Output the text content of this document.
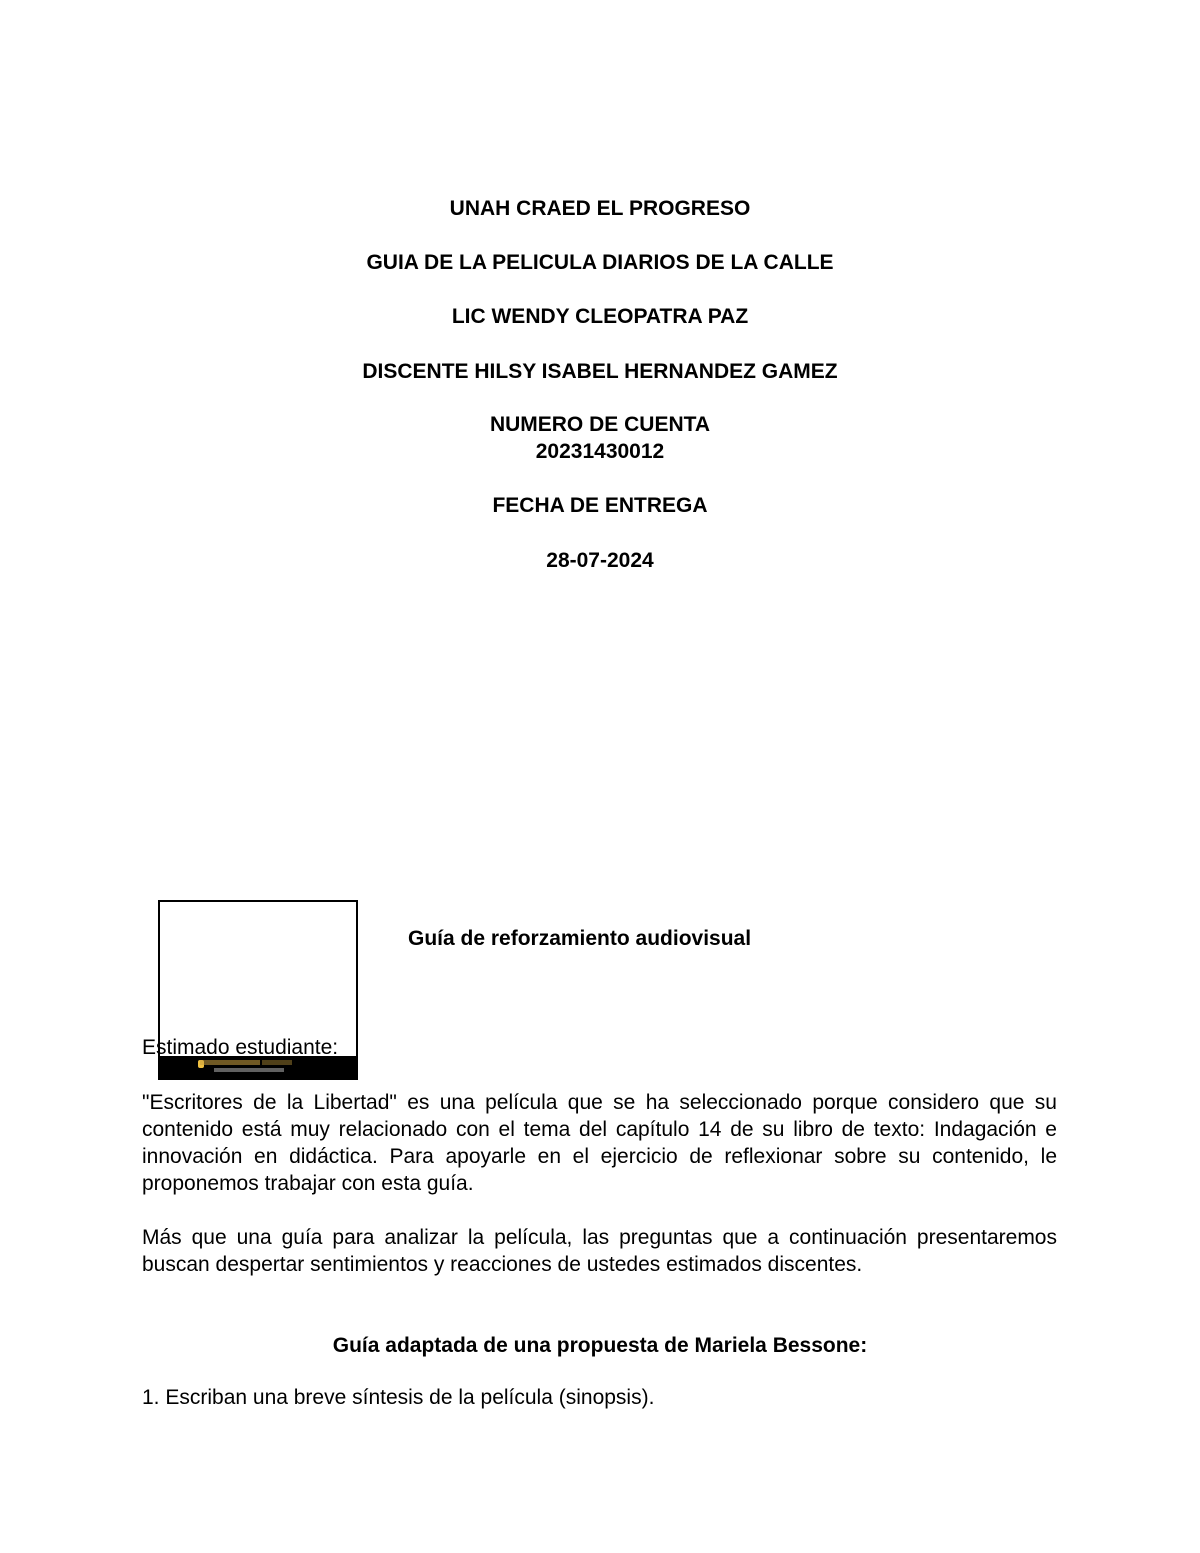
UNAH CRAED EL PROGRESO
GUIA DE LA PELICULA DIARIOS DE LA CALLE
LIC WENDY CLEOPATRA PAZ
DISCENTE HILSY ISABEL HERNANDEZ GAMEZ
NUMERO DE CUENTA
20231430012
FECHA DE ENTREGA
28-07-2024
Guía de reforzamiento audiovisual
Estimado estudiante:
"Escritores de la Libertad" es una película que se ha seleccionado porque considero que su contenido está muy relacionado con el tema del capítulo 14 de su libro de texto: Indagación e innovación en didáctica. Para apoyarle en el ejercicio de reflexionar sobre su contenido, le proponemos trabajar con esta guía.
Más que una guía para analizar la película, las preguntas que a continuación presentaremos buscan despertar sentimientos y reacciones de ustedes estimados discentes.
Guía adaptada de una propuesta de Mariela Bessone:
1. Escriban una breve síntesis de la película (sinopsis).
